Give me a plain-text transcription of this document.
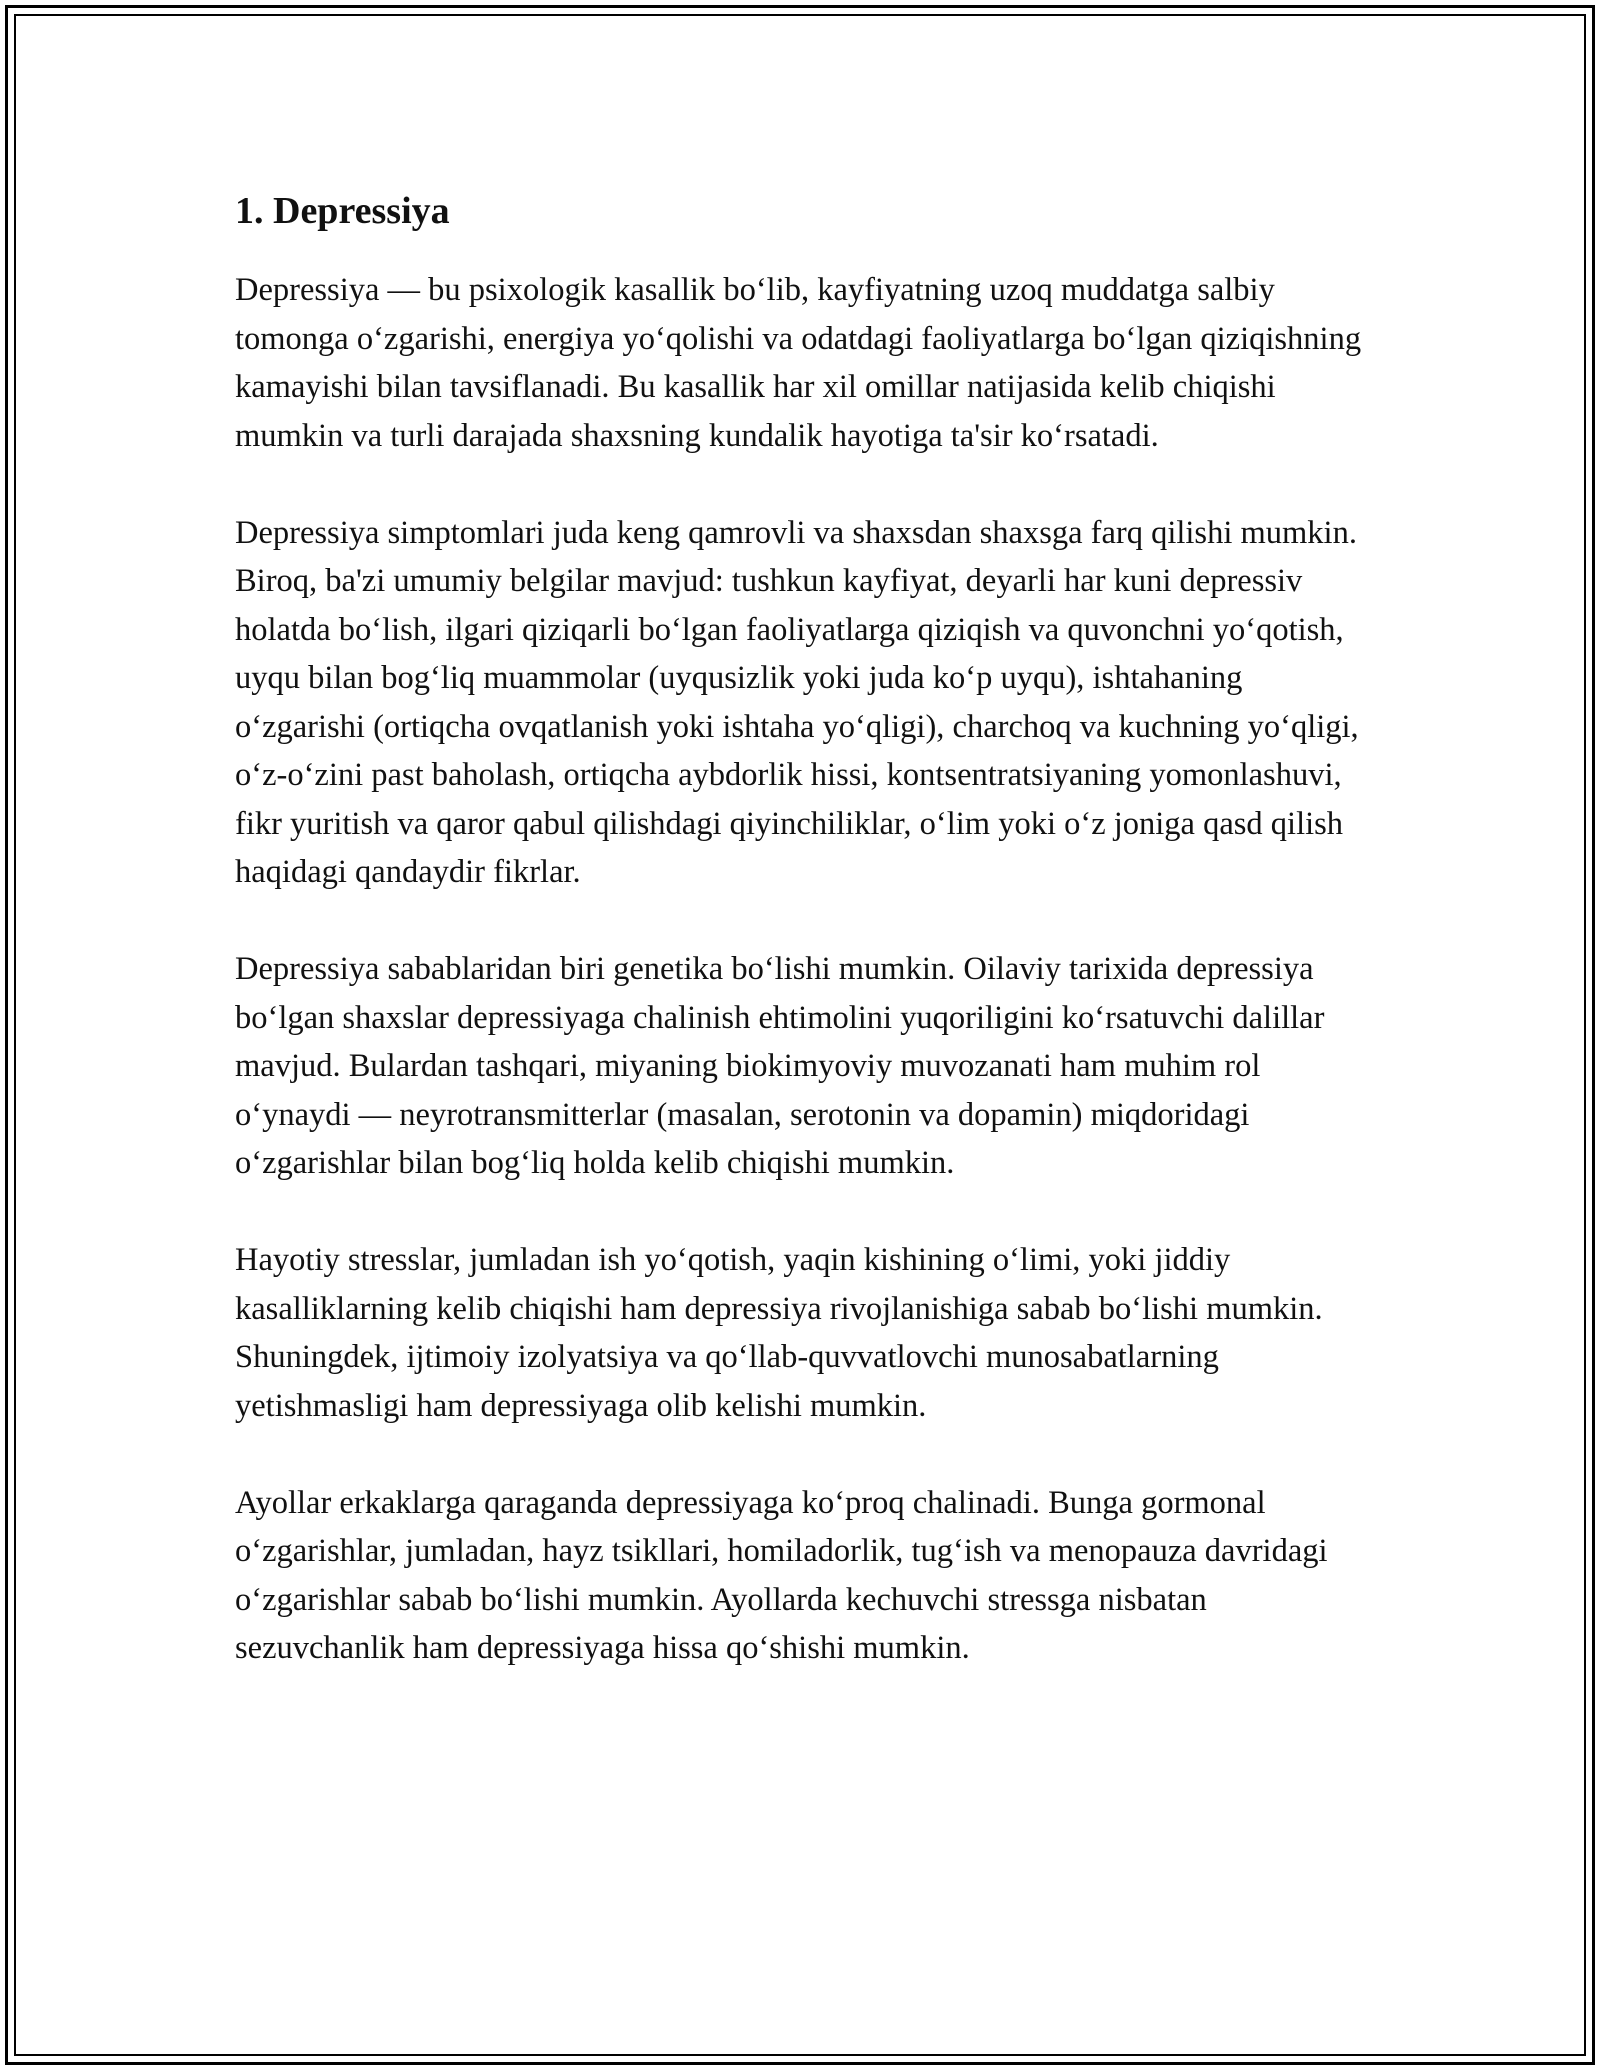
1. Depressiya

Depressiya — bu psixologik kasallik boʻlib, kayfiyatning uzoq muddatga salbiy tomonga oʻzgarishi, energiya yoʻqolishi va odatdagi faoliyatlarga boʻlgan qiziqishning kamayishi bilan tavsiflanadi. Bu kasallik har xil omillar natijasida kelib chiqishi mumkin va turli darajada shaxsning kundalik hayotiga ta'sir koʻrsatadi.

Depressiya simptomlari juda keng qamrovli va shaxsdan shaxsga farq qilishi mumkin. Biroq, ba'zi umumiy belgilar mavjud: tushkun kayfiyat, deyarli har kuni depressiv holatda boʻlish, ilgari qiziqarli boʻlgan faoliyatlarga qiziqish va quvonchni yoʻqotish, uyqu bilan bogʻliq muammolar (uyqusizlik yoki juda koʻp uyqu), ishtahaning oʻzgarishi (ortiqcha ovqatlanish yoki ishtaha yoʻqligi), charchoq va kuchning yoʻqligi, oʻz-oʻzini past baholash, ortiqcha aybdorlik hissi, kontsentratsiyaning yomonlashuvi, fikr yuritish va qaror qabul qilishdagi qiyinchiliklar, oʻlim yoki oʻz joniga qasd qilish haqidagi qandaydir fikrlar.

Depressiya sabablaridan biri genetika boʻlishi mumkin. Oilaviy tarixida depressiya boʻlgan shaxslar depressiyaga chalinish ehtimolini yuqoriligini koʻrsatuvchi dalillar mavjud. Bulardan tashqari, miyaning biokimyoviy muvozanati ham muhim rol oʻynaydi — neyrotransmitterlar (masalan, serotonin va dopamin) miqdoridagi oʻzgarishlar bilan bogʻliq holda kelib chiqishi mumkin.

Hayotiy stresslar, jumladan ish yoʻqotish, yaqin kishining oʻlimi, yoki jiddiy kasalliklarning kelib chiqishi ham depressiya rivojlanishiga sabab boʻlishi mumkin. Shuningdek, ijtimoiy izolyatsiya va qoʻllab-quvvatlovchi munosabatlarning yetishmasligi ham depressiyaga olib kelishi mumkin.

Ayollar erkaklarga qaraganda depressiyaga koʻproq chalinadi. Bunga gormonal oʻzgarishlar, jumladan, hayz tsikllari, homiladorlik, tugʻish va menopauza davridagi oʻzgarishlar sabab boʻlishi mumkin. Ayollarda kechuvchi stressga nisbatan sezuvchanlik ham depressiyaga hissa qoʻshishi mumkin.
